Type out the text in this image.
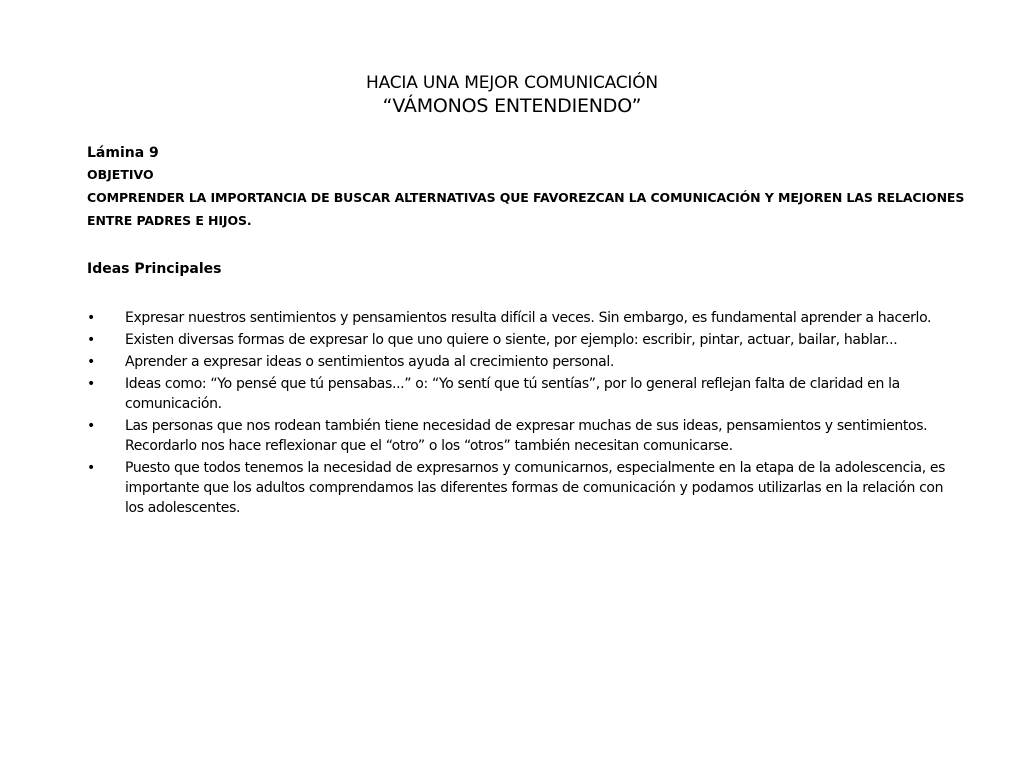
HACIA UNA MEJOR COMUNICACIÓN
“VÁMONOS ENTENDIENDO”
Lámina 9
OBJETIVO
COMPRENDER LA IMPORTANCIA DE BUSCAR ALTERNATIVAS QUE FAVOREZCAN LA COMUNICACIÓN Y MEJOREN LAS RELACIONES ENTRE PADRES E HIJOS.
Ideas Principales
• Expresar nuestros sentimientos y pensamientos resulta difícil a veces. Sin embargo, es fundamental aprender a hacerlo.
• Existen diversas formas de expresar lo que uno quiere o siente, por ejemplo: escribir, pintar, actuar, bailar, hablar...
• Aprender a expresar ideas o sentimientos ayuda al crecimiento personal.
• Ideas como: “Yo pensé que tú pensabas...” o: “Yo sentí que tú sentías”, por lo general reflejan falta de claridad en la comunicación.
• Las personas que nos rodean también tiene necesidad de expresar muchas de sus ideas, pensamientos y sentimientos. Recordarlo nos hace reflexionar que el “otro” o los “otros” también necesitan comunicarse.
• Puesto que todos tenemos la necesidad de expresarnos y comunicarnos, especialmente en la etapa de la adolescencia, es importante que los adultos comprendamos las diferentes formas de comunicación y podamos utilizarlas en la relación con los adolescentes.
